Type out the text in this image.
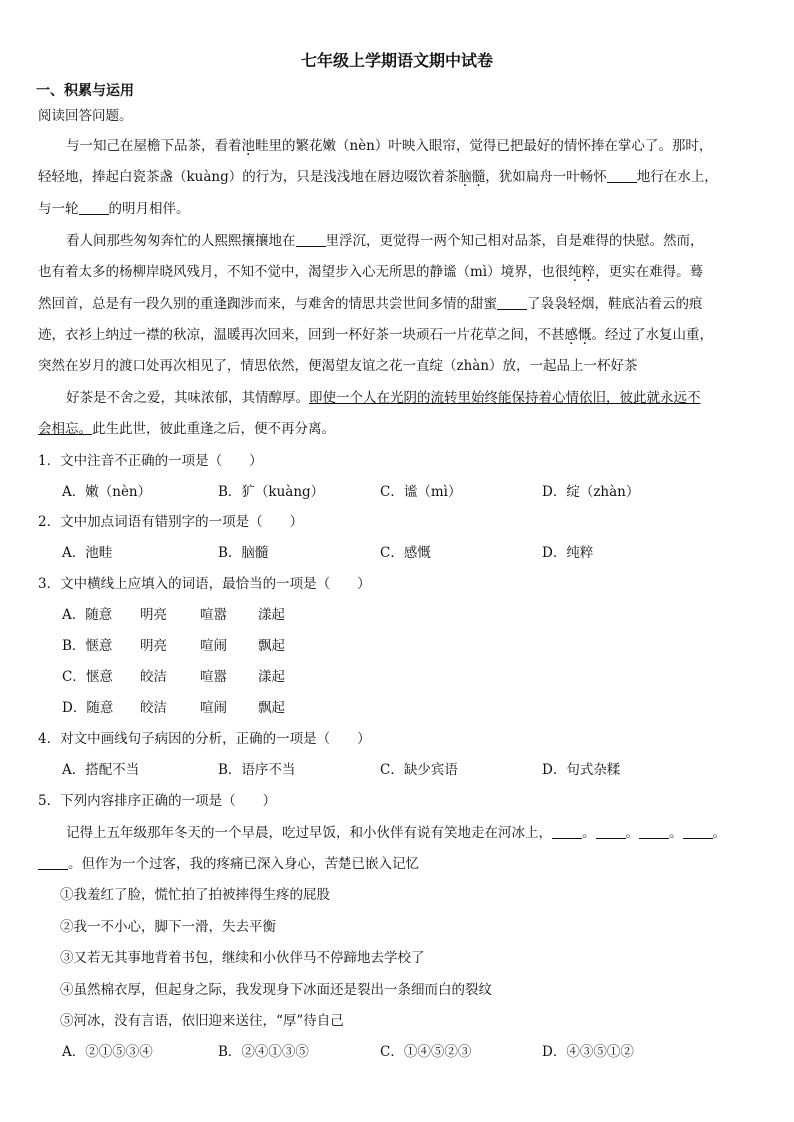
七年级上学期语文期中试卷
一、积累与运用
阅读回答问题。
与一知己在屋檐下品茶，看着池畦里的繁花嫩（nèn）叶映入眼帘，觉得已把最好的情怀捧在掌心了。那时，
轻轻地，捧起白瓷茶盏（kuàng）的行为，只是浅浅地在唇边啜饮着茶脑髓，犹如扁舟一叶畅怀 地行在水上，
与一轮 的明月相伴。
看人间那些匆匆奔忙的人熙熙攘攘地在 里浮沉，更觉得一两个知己相对品茶，自是难得的快慰。然而，
也有着太多的杨柳岸晓风残月，不知不觉中，渴望步入心无所思的静谧（mì）境界，也很纯粹，更实在难得。蓦
然回首，总是有一段久别的重逢踟涉而来，与难舍的情思共尝世间多情的甜蜜 了袅袅轻烟，鞋底沾着云的痕
迹，衣衫上纳过一襟的秋凉，温暖再次回来，回到一杯好茶一块顽石一片花草之间，不甚感慨。经过了水复山重，
突然在岁月的渡口处再次相见了，情思依然，便渴望友谊之花一直绽（zhàn）放，一起品上一杯好茶
好茶是不舍之爱，其味浓郁，其情醇厚。即使一个人在光阴的流转里始终能保持着心情依旧，彼此就永远不
会相忘。此生此世，彼此重逢之后，便不再分离。
1．文中注音不正确的一项是（　　）
A．嫩（nèn）	B．犷（kuàng）	C．谧（mì）	D．绽（zhàn）
2．文中加点词语有错别字的一项是（　　）
A．池畦	B．脑髓	C．感慨	D．纯粹
3．文中横线上应填入的词语，最恰当的一项是（　　）
A．随意 明亮 喧嚣 漾起
B．惬意 明亮 喧闹 飘起
C．惬意 皎洁 喧嚣 漾起
D．随意 皎洁 喧闹 飘起
4．对文中画线句子病因的分析，正确的一项是（　　）
A．搭配不当	B．语序不当	C．缺少宾语	D．句式杂糅
5．下列内容排序正确的一项是（　　）
记得上五年级那年冬天的一个早晨，吃过早饭，和小伙伴有说有笑地走在河冰上， 。 。 。 。
。但作为一个过客，我的疼痛已深入身心，苦楚已嵌入记忆
①我羞红了脸，慌忙拍了拍被摔得生疼的屁股
②我一不小心，脚下一滑，失去平衡
③又若无其事地背着书包，继续和小伙伴马不停蹄地去学校了
④虽然棉衣厚，但起身之际，我发现身下冰面还是裂出一条细而白的裂纹
⑤河冰，没有言语，依旧迎来送往，“厚”待自己
A．②①⑤③④	B．②④①③⑤	C．①④⑤②③	D．④③⑤①②
